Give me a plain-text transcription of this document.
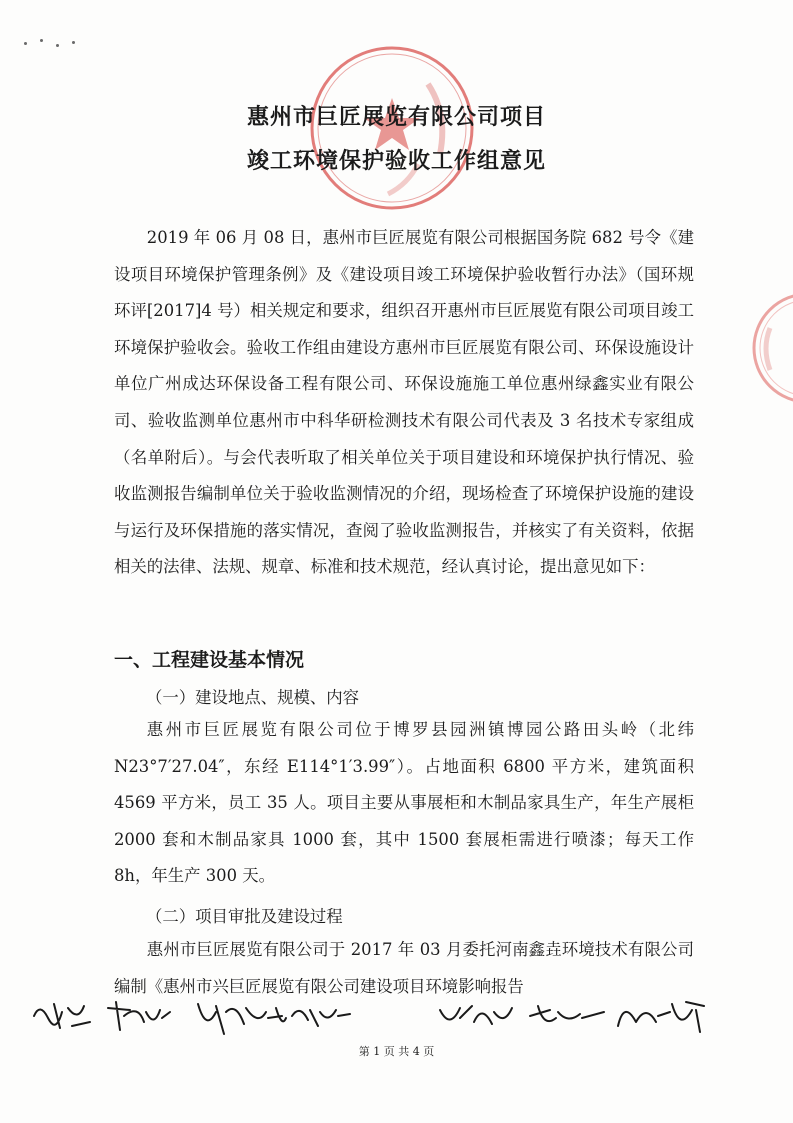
惠州市巨匠展览有限公司项目
竣工环境保护验收工作组意见
2019 年 06 月 08 日，惠州市巨匠展览有限公司根据国务院 682 号令《建设项目环境保护管理条例》及《建设项目竣工环境保护验收暂行办法》（国环规环评[2017]4 号）相关规定和要求，组织召开惠州市巨匠展览有限公司项目竣工环境保护验收会。验收工作组由建设方惠州市巨匠展览有限公司、环保设施设计单位广州成达环保设备工程有限公司、环保设施施工单位惠州绿鑫实业有限公司、验收监测单位惠州市中科华研检测技术有限公司代表及 3 名技术专家组成（名单附后）。与会代表听取了相关单位关于项目建设和环境保护执行情况、验收监测报告编制单位关于验收监测情况的介绍，现场检查了环境保护设施的建设与运行及环保措施的落实情况，查阅了验收监测报告，并核实了有关资料，依据相关的法律、法规、规章、标准和技术规范，经认真讨论，提出意见如下：
一、工程建设基本情况
（一）建设地点、规模、内容
惠州市巨匠展览有限公司位于博罗县园洲镇博园公路田头岭（北纬 N23°7′27.04″，东经 E114°1′3.99″）。占地面积 6800 平方米，建筑面积 4569 平方米，员工 35 人。项目主要从事展柜和木制品家具生产，年生产展柜 2000 套和木制品家具 1000 套，其中 1500 套展柜需进行喷漆；每天工作 8h，年生产 300 天。
（二）项目审批及建设过程
惠州市巨匠展览有限公司于 2017 年 03 月委托河南鑫垚环境技术有限公司编制《惠州市兴巨匠展览有限公司建设项目环境影响报告
第 1 页 共 4 页
